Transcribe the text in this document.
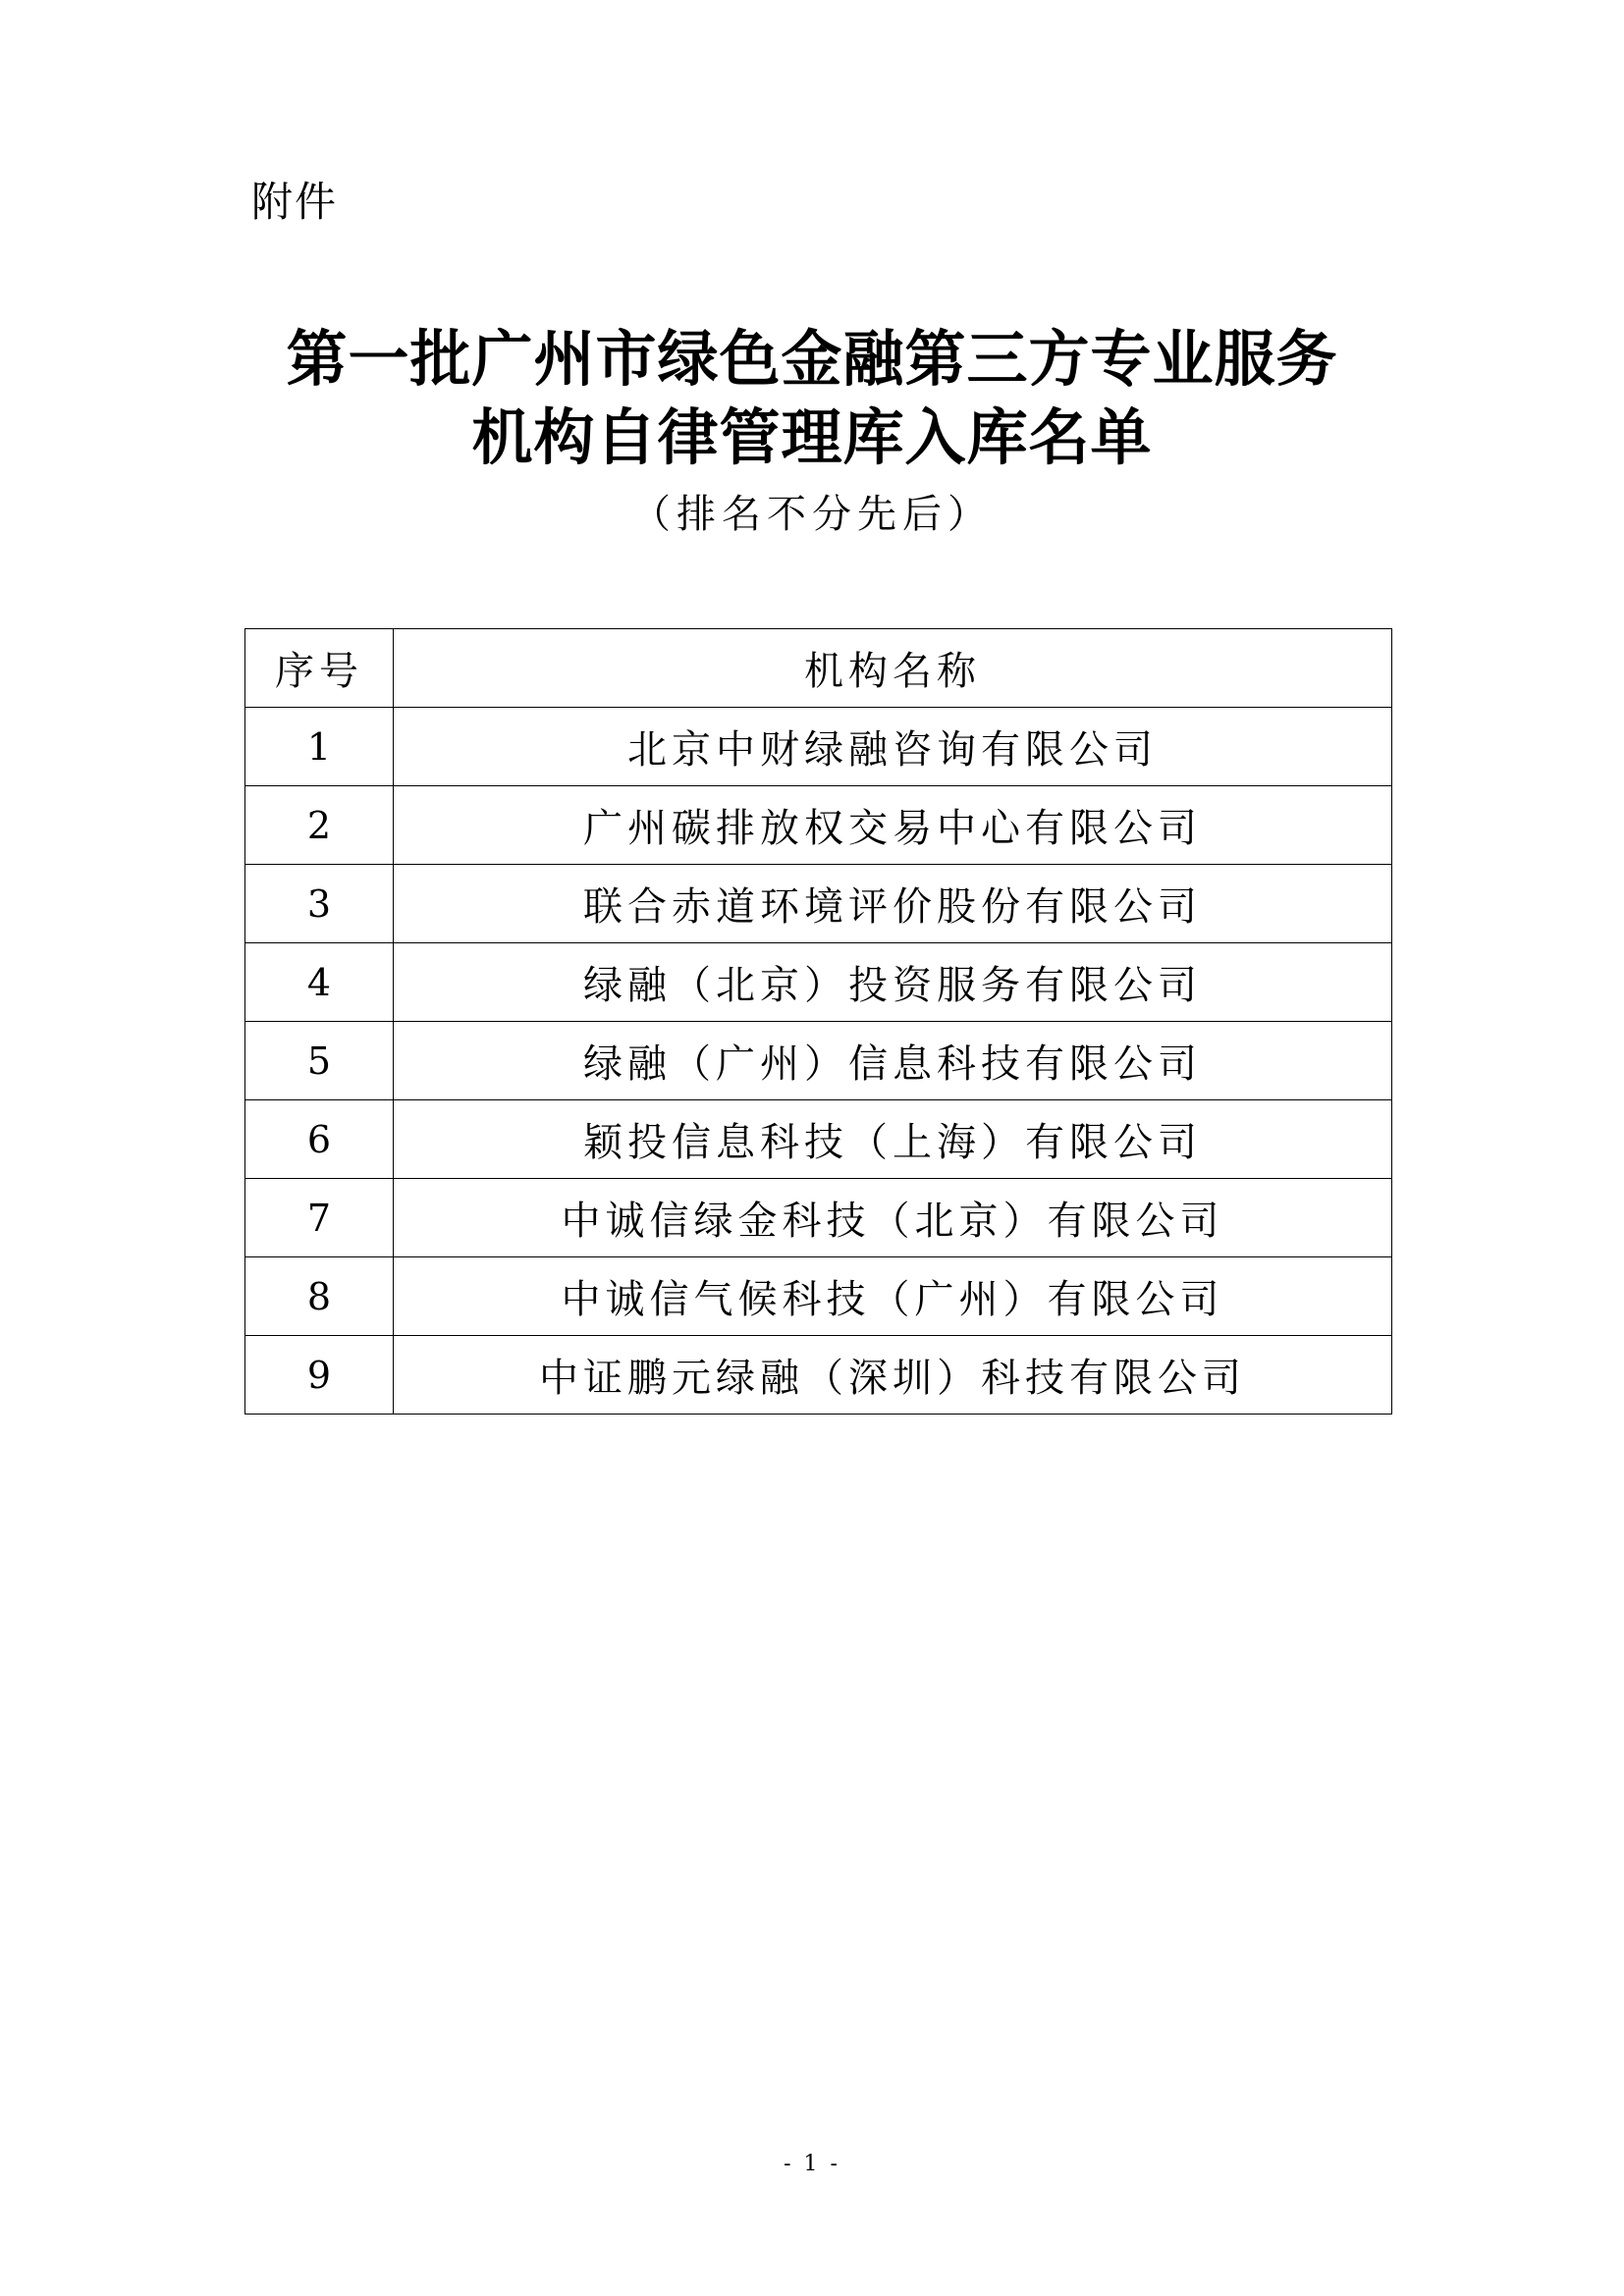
附件
第一批广州市绿色金融第三方专业服务
机构自律管理库入库名单
（排名不分先后）
序号	机构名称
1	北京中财绿融咨询有限公司
2	广州碳排放权交易中心有限公司
3	联合赤道环境评价股份有限公司
4	绿融（北京）投资服务有限公司
5	绿融（广州）信息科技有限公司
6	颖投信息科技（上海）有限公司
7	中诚信绿金科技（北京）有限公司
8	中诚信气候科技（广州）有限公司
9	中证鹏元绿融（深圳）科技有限公司
- 1 -
